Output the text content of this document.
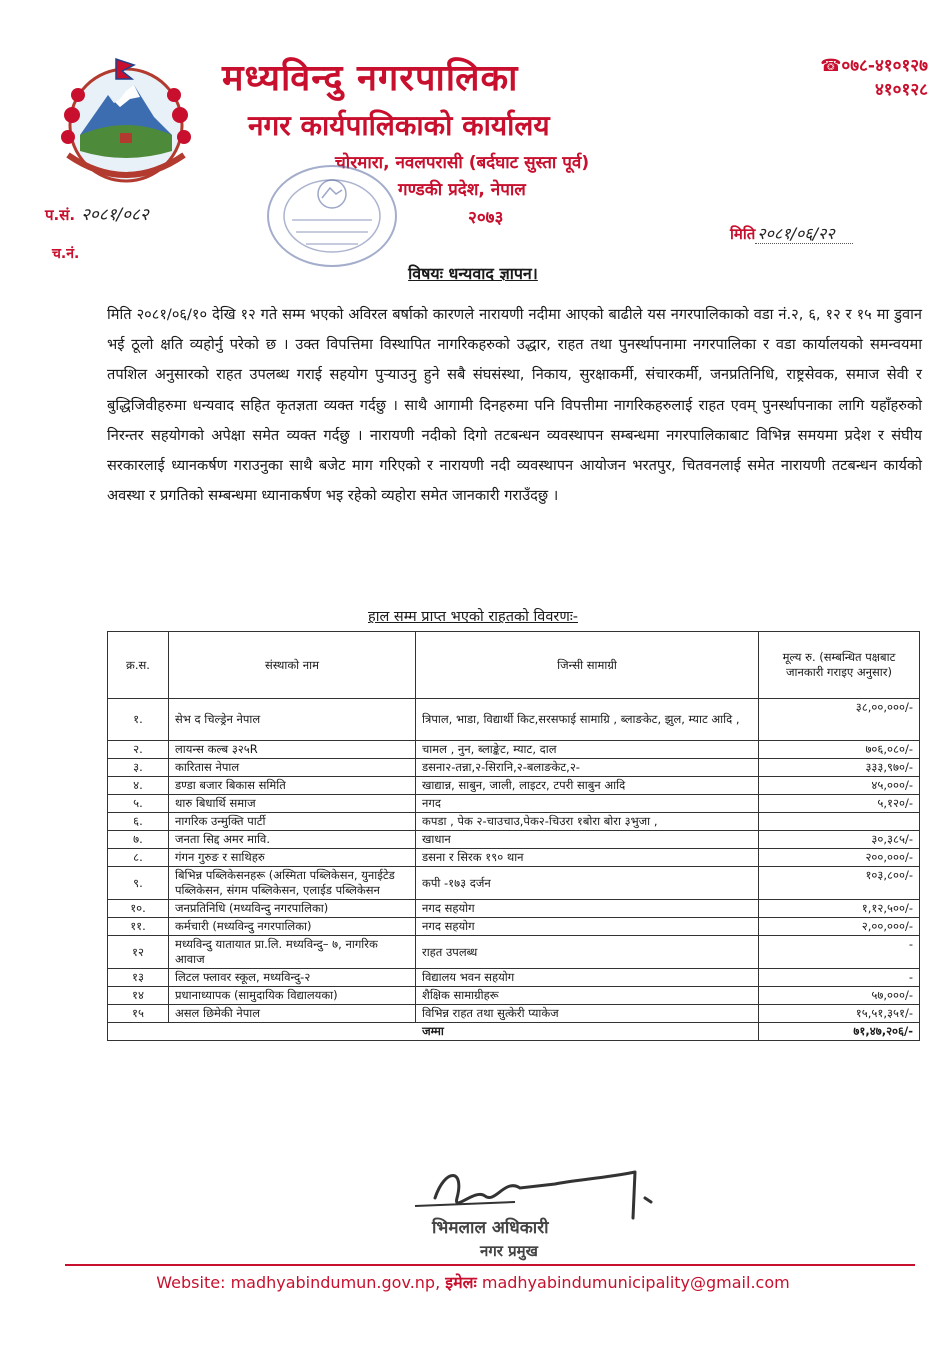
मध्यविन्दु नगरपालिका
नगर कार्यपालिकाको कार्यालय
चोरमारा, नवलपरासी (बर्दघाट सुस्ता पूर्व)
गण्डकी प्रदेश, नेपाल
२०७३
☎०७८-४१०१२७
४१०१२८
प.सं. २०८१/०८२
च.नं.
मिति २०८१/०६/२२
विषयः धन्यवाद ज्ञापन।

मिति २०८१/०६/१० देखि १२ गते सम्म भएको अविरल बर्षाको कारणले नारायणी नदीमा आएको बाढीले यस नगरपालिकाको वडा नं.२, ६, १२ र १५ मा डुवान भई ठूलो क्षति व्यहोर्नु परेको छ । उक्त विपत्तिमा विस्थापित नागरिकहरुको उद्धार, राहत तथा पुनर्स्थापनामा नगरपालिका र वडा कार्यालयको समन्वयमा तपशिल अनुसारको राहत उपलब्ध गराई सहयोग पुर्‍याउनु हुने सबै संघसंस्था, निकाय, सुरक्षाकर्मी, संचारकर्मी, जनप्रतिनिधि, राष्ट्रसेवक, समाज सेवी र बुद्धिजिवीहरुमा धन्यवाद सहित कृतज्ञता व्यक्त गर्दछु । साथै आगामी दिनहरुमा पनि विपत्तीमा नागरिकहरुलाई राहत एवम् पुनर्स्थापनाका लागि यहाँहरुको निरन्तर सहयोगको अपेक्षा समेत व्यक्त गर्दछु । नारायणी नदीको दिगो तटबन्धन व्यवस्थापन सम्बन्धमा नगरपालिकाबाट विभिन्न समयमा प्रदेश र संघीय सरकारलाई ध्यानकर्षण गराउनुका साथै बजेट माग गरिएको र नारायणी नदी व्यवस्थापन आयोजन भरतपुर, चितवनलाई समेत नारायणी तटबन्धन कार्यको अवस्था र प्रगतिको सम्बन्धमा ध्यानाकर्षण भइ रहेको व्यहोरा समेत जानकारी गराउँदछु ।

हाल सम्म प्राप्त भएको राहतको विवरणः-
क्र.स.	संस्थाको नाम	जिन्सी सामाग्री	मूल्य रु. (सम्बन्धित पक्षबाट जानकारी गराइए अनुसार)
१.	सेभ द चिल्ड्रेन नेपाल	त्रिपाल, भाडा, विद्यार्थी किट,सरसफाई सामाग्रि , ब्लाङकेट, झुल, म्याट आदि ,	३८,००,०००/-
२.	लायन्स कल्ब ३२५R	चामल , नुन, ब्लाङ्केट, म्याट, दाल	७०६,०८०/-
३.	कारितास नेपाल	डसना२-तन्ना,२-सिरानि,२-बलाङकेट,२-	३३३,९७०/-
४.	डण्डा बजार बिकास समिति	खाद्यान्न, साबुन, जाली, लाइटर, टपरी साबुन आदि	४५,०००/-
५.	थारु बिधार्थि समाज	नगद	५,१२०/-
६.	नागरिक उन्मुक्ति पार्टी	कपडा , पेक २-चाउचाउ,पेक२-चिउरा १बोरा बोरा ३भुजा ,	
७.	जनता सिद्द अमर मावि.	खाधान	३०,३८५/-
८.	गंगन गुरुङ र साथिहरु	डसना र सिरक १९० थान	२००,०००/-
९.	बिभिन्न पब्लिकेसनहरू (अस्मिता पब्लिकेसन, युनाईटेड पब्लिकेसन, संगम पब्लिकेसन, एलाईड पब्लिकेसन	कपी -१७३ दर्जन	१०३,८००/-
१०.	जनप्रतिनिधि (मध्यविन्दु नगरपालिका)	नगद सहयोग	१,१२,५००/-
११.	कर्मचारी (मध्यविन्दु नगरपालिका)	नगद सहयोग	२,००,०००/-
१२	मध्यविन्दु यातायात प्रा.लि. मध्यविन्दु– ७, नागरिक आवाज	राहत उपलब्ध	-
१३	लिटल फ्लावर स्कूल, मध्यविन्दु-२	विद्यालय भवन सहयोग	-
१४	प्रधानाध्यापक (सामुदायिक विद्यालयका)	शैक्षिक सामाग्रीहरू	५७,०००/-
१५	असल छिमेकी नेपाल	विभिन्न राहत तथा सुत्केरी प्याकेज	१५,५१,३५१/-
जम्मा			७१,४७,२०६/-
भिमलाल अधिकारी
नगर प्रमुख
Website: madhyabindumun.gov.np, इमेलः madhyabindumunicipality@gmail.com
